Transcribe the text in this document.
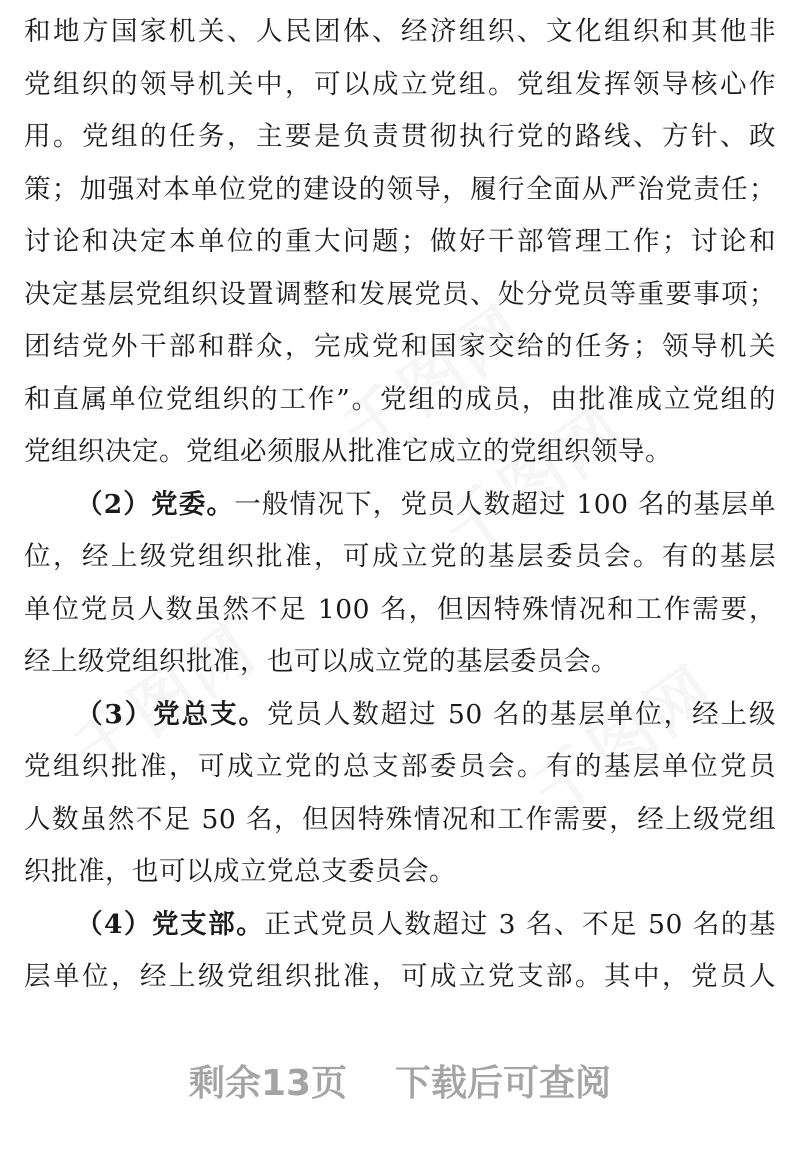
和地方国家机关、人民团体、经济组织、文化组织和其他非
党组织的领导机关中，可以成立党组。党组发挥领导核心作
用。党组的任务，主要是负责贯彻执行党的路线、方针、政
策；加强对本单位党的建设的领导，履行全面从严治党责任；
讨论和决定本单位的重大问题；做好干部管理工作；讨论和
决定基层党组织设置调整和发展党员、处分党员等重要事项；
团结党外干部和群众，完成党和国家交给的任务；领导机关
和直属单位党组织的工作”。党组的成员，由批准成立党组的
党组织决定。党组必须服从批准它成立的党组织领导。
（2）党委。一般情况下，党员人数超过 100 名的基层单
位，经上级党组织批准，可成立党的基层委员会。有的基层
单位党员人数虽然不足 100 名，但因特殊情况和工作需要，
经上级党组织批准，也可以成立党的基层委员会。
（3）党总支。党员人数超过 50 名的基层单位，经上级
党组织批准，可成立党的总支部委员会。有的基层单位党员
人数虽然不足 50 名，但因特殊情况和工作需要，经上级党组
织批准，也可以成立党总支委员会。
（4）党支部。正式党员人数超过 3 名、不足 50 名的基
层单位，经上级党组织批准，可成立党支部。其中，党员人
剩余13页 下载后可查阅
